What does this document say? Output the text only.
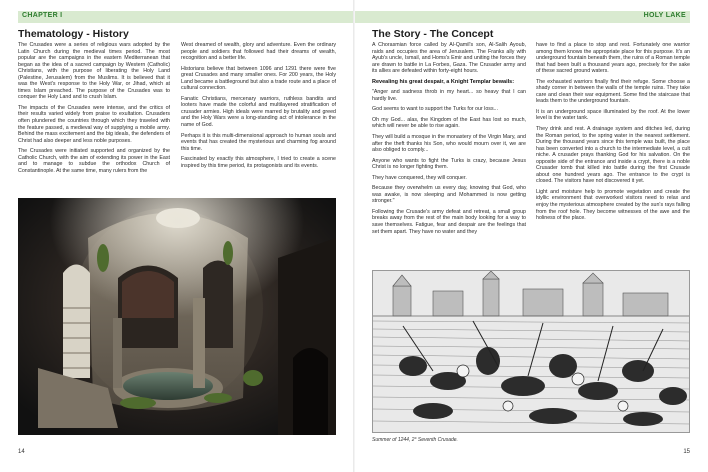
CHAPTER I
Thematology - History

The Crusades were a series of religious wars adopted by the Latin Church during the medieval times period. The most popular are the campaigns in the eastern Mediterranean that began as the idea of a sacred campaign by Western (Catholic) Christians, with the purpose of liberating the Holy Land (Palestine, Jerusalem) from the Muslims. It is believed that it was the West's response to the Holy War, or Jihad, which at times Islam preached. The purpose of the Crusades was to conquer the Holy Land and to crush Islam.

The impacts of the Crusades were intense, and the critics of their results varied widely from praise to exultation. Crusaders often plundered the countries through which they traveled with the feature passed, a medieval way of supplying a mobile army. Behind the mass excitement and the big ideals, the defenders of Christ had also deeper and less noble purposes.

The Crusades were initiated supported and organized by the Catholic Church, with the aim of extending its power in the East and to manage to subdue the orthodox Church of Constantinople. At the same time, many rulers from the

West dreamed of wealth, glory and adventure. Even the ordinary people and soldiers that followed had their dreams of wealth, recognition and a better life.

Historians believe that between 1096 and 1291 there were five great Crusades and many smaller ones. For 200 years, the Holy Land became a battleground but also a trade route and a place of cultural connection.

Fanatic Christians, mercenary warriors, ruthless bandits and looters have made the colorful and multilayered stratification of crusader armies. High ideals were marred by brutality and greed and the Holy Wars were a long-standing act of intolerance in the name of God.

Perhaps it is this multi-dimensional approach to human souls and events that has created the mysterious and charming fog around this time.

Fascinated by exactly this atmosphere, I tried to create a scene inspired by this time period, its protagonists and its events.

14
HOLY LAKE
The Story - The Concept

A Chorasmian force called by Al-Qamil's son, Al-Salih Ayoub, raids and occupies the area of Jerusalem. The Franks ally with Ayub's uncle, Ismail, and Homs's Emir and uniting the forces they are drawn to battle in La Forbes, Gaza. The Crusader army and its allies are defeated within forty-eight hours.

Revealing his great despair, a Knight Templar bewails:

"Anger and sadness throb in my heart... so heavy that I can hardly live.

God seems to want to support the Turks for our loss...

Oh my God... alas, the Kingdom of the East has lost so much, which will never be able to rise again.

They will build a mosque in the monastery of the Virgin Mary, and after the theft thanks his Son, who would mourn over it, we are also obliged to comply...

Anyone who wants to fight the Turks is crazy, because Jesus Christ is no longer fighting them.

They have conquered, they will conquer.

Because they overwhelm us every day, knowing that God, who was awake, is now sleeping and Mohammed is now getting stronger."

Following the Crusade's army defeat and retreat, a small group breaks away from the rest of the main body looking for a way to save themselves. Fatigue, fear and despair are the feelings that set them apart. They have no water and they

have to find a place to stop and rest. Fortunately one warrior among them knows the appropriate place for this purpose. It's an underground fountain beneath them, the ruins of a Roman temple that had been built a thousand years ago, precisely for the sake of these sacred ground waters.

The exhausted warriors finally find their refuge. Some choose a shady corner in between the walls of the temple ruins. They take care and clean their war equipment. Some find the staircase that leads them to the underground fountain.

It is an underground space illuminated by the roof. At the lower level is the water tank.

They drink and rest. A drainage system and ditches led, during the Roman period, to the spring water in the nearest settlement. During the thousand years since this temple was built, the place has been converted into a church to the intermediate level, a cult niche. A crusader prays thanking God for his salvation. On the opposite side of the entrance and inside a crypt, there is a noble Crusader tomb that killed into battle during the first Crusade about one hundred years ago. The entrance to the crypt is closed. The visitors have not discovered it yet.

Light and moisture help to promote vegetation and create the idyllic environment that overworked visitors need to relax and enjoy the mysterious atmosphere created by the sun's rays falling from the roof hole. They become witnesses of the awe and the holiness of the place.

15
Summer of 1244, 2° Seventh Crusade.
